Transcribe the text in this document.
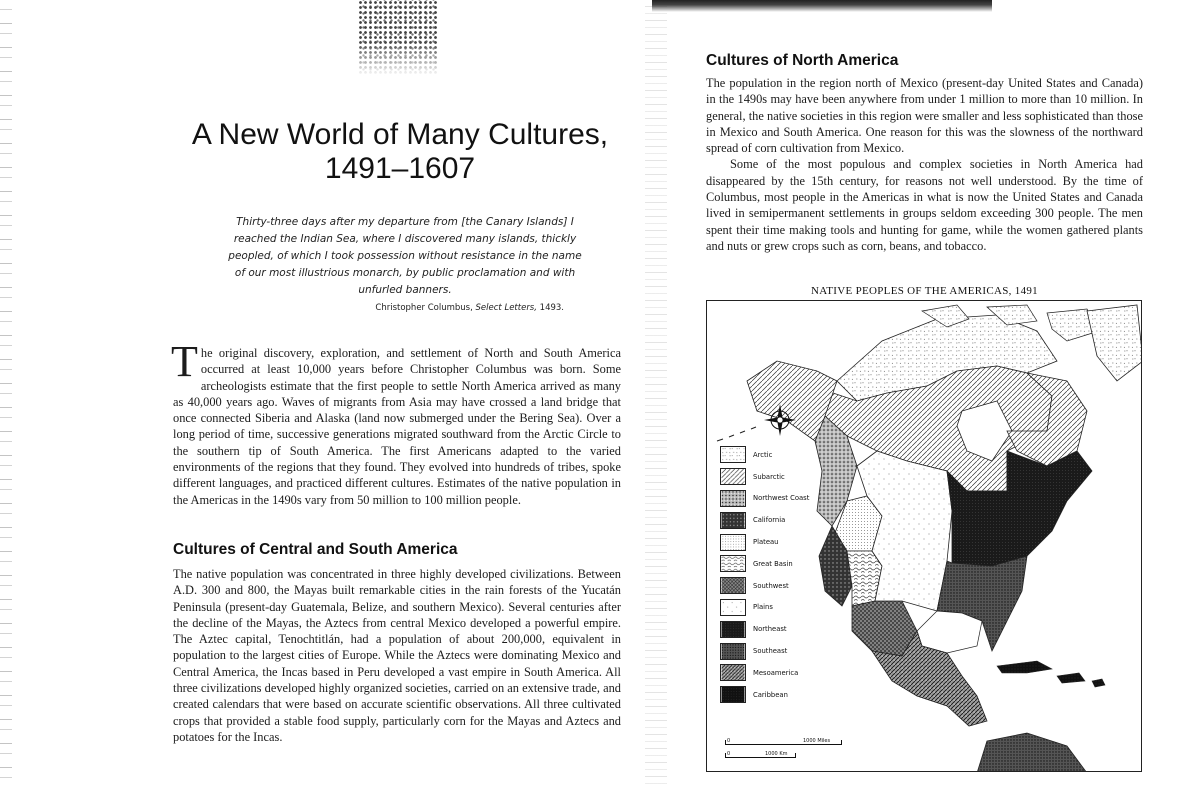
A New World of Many Cultures,
1491–1607
Thirty-three days after my departure from [the Canary Islands] I reached the Indian Sea, where I discovered many islands, thickly peopled, of which I took possession without resistance in the name of our most illustrious monarch, by public proclamation and with unfurled banners.
Christopher Columbus, Select Letters, 1493.

The original discovery, exploration, and settlement of North and South America occurred at least 10,000 years before Christopher Columbus was born. Some archeologists estimate that the first people to settle North America arrived as many as 40,000 years ago. Waves of migrants from Asia may have crossed a land bridge that once connected Siberia and Alaska (land now submerged under the Bering Sea). Over a long period of time, successive generations migrated southward from the Arctic Circle to the southern tip of South America. The first Americans adapted to the varied environments of the regions that they found. They evolved into hundreds of tribes, spoke different languages, and practiced different cultures. Estimates of the native population in the Americas in the 1490s vary from 50 million to 100 million people.

Cultures of Central and South America

The native population was concentrated in three highly developed civilizations. Between A.D. 300 and 800, the Mayas built remarkable cities in the rain forests of the Yucatán Peninsula (present-day Guatemala, Belize, and southern Mexico). Several centuries after the decline of the Mayas, the Aztecs from central Mexico developed a powerful empire. The Aztec capital, Tenochtitlán, had a population of about 200,000, equivalent in population to the largest cities of Europe. While the Aztecs were dominating Mexico and Central America, the Incas based in Peru developed a vast empire in South America. All three civilizations developed highly organized societies, carried on an extensive trade, and created calendars that were based on accurate scientific observations. All three cultivated crops that provided a stable food supply, particularly corn for the Mayas and Aztecs and potatoes for the Incas.

Cultures of North America

The population in the region north of Mexico (present-day United States and Canada) in the 1490s may have been anywhere from under 1 million to more than 10 million. In general, the native societies in this region were smaller and less sophisticated than those in Mexico and South America. One reason for this was the slowness of the northward spread of corn cultivation from Mexico.

Some of the most populous and complex societies in North America had disappeared by the 15th century, for reasons not well understood. By the time of Columbus, most people in the Americas in what is now the United States and Canada lived in semipermanent settlements in groups seldom exceeding 300 people. The men spent their time making tools and hunting for game, while the women gathered plants and nuts or grew crops such as corn, beans, and tobacco.

NATIVE PEOPLES OF THE AMERICAS, 1491
Arctic
Subarctic
Northwest Coast
California
Plateau
Great Basin
Southwest
Plains
Northeast
Southeast
Mesoamerica
Caribbean
0	1000 Miles
0	1000 Km
